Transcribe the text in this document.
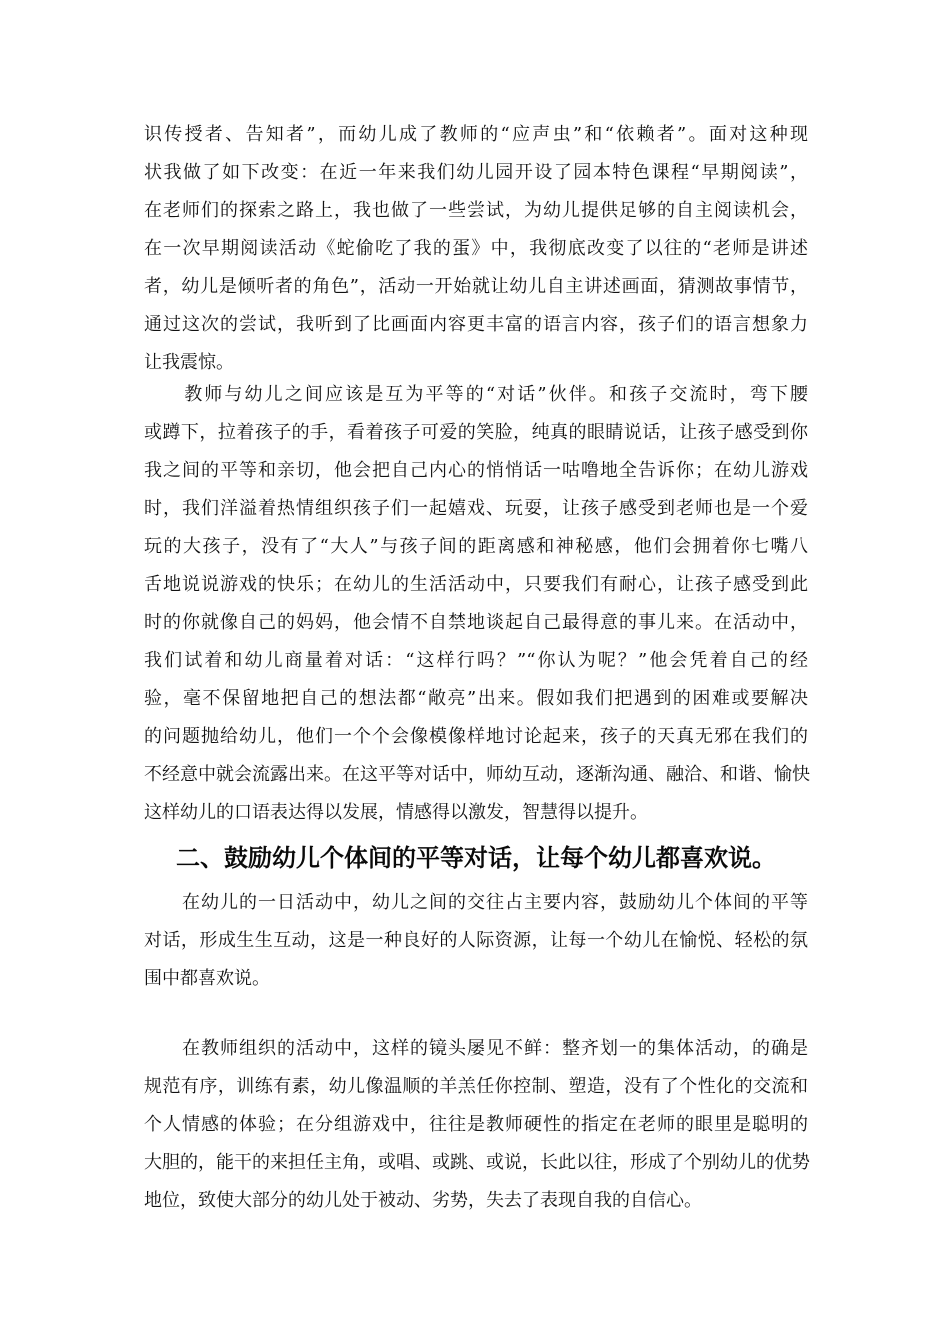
识传授者、告知者”，而幼儿成了教师的“应声虫”和“依赖者”。面对这种现
状我做了如下改变：在近一年来我们幼儿园开设了园本特色课程“早期阅读”，
在老师们的探索之路上，我也做了一些尝试，为幼儿提供足够的自主阅读机会，
在一次早期阅读活动《蛇偷吃了我的蛋》中，我彻底改变了以往的“老师是讲述
者，幼儿是倾听者的角色”，活动一开始就让幼儿自主讲述画面，猜测故事情节，
通过这次的尝试，我听到了比画面内容更丰富的语言内容，孩子们的语言想象力
让我震惊。
　　教师与幼儿之间应该是互为平等的“对话”伙伴。和孩子交流时，弯下腰
或蹲下，拉着孩子的手，看着孩子可爱的笑脸，纯真的眼睛说话，让孩子感受到你
我之间的平等和亲切，他会把自己内心的悄悄话一咕噜地全告诉你；在幼儿游戏
时，我们洋溢着热情组织孩子们一起嬉戏、玩耍，让孩子感受到老师也是一个爱
玩的大孩子，没有了“大人”与孩子间的距离感和神秘感，他们会拥着你七嘴八
舌地说说游戏的快乐；在幼儿的生活活动中，只要我们有耐心，让孩子感受到此
时的你就像自己的妈妈，他会情不自禁地谈起自己最得意的事儿来。在活动中，
我们试着和幼儿商量着对话：“这样行吗？”“你认为呢？”他会凭着自己的经
验，毫不保留地把自己的想法都“敞亮”出来。假如我们把遇到的困难或要解决
的问题抛给幼儿，他们一个个会像模像样地讨论起来，孩子的天真无邪在我们的
不经意中就会流露出来。在这平等对话中，师幼互动，逐渐沟通、融洽、和谐、愉快
这样幼儿的口语表达得以发展，情感得以激发，智慧得以提升。
二、鼓励幼儿个体间的平等对话，让每个幼儿都喜欢说。
　　在幼儿的一日活动中，幼儿之间的交往占主要内容，鼓励幼儿个体间的平等
对话，形成生生互动，这是一种良好的人际资源，让每一个幼儿在愉悦、轻松的氛
围中都喜欢说。
　　在教师组织的活动中，这样的镜头屡见不鲜：整齐划一的集体活动，的确是
规范有序，训练有素，幼儿像温顺的羊羔任你控制、塑造，没有了个性化的交流和
个人情感的体验；在分组游戏中，往往是教师硬性的指定在老师的眼里是聪明的
大胆的，能干的来担任主角，或唱、或跳、或说，长此以往，形成了个别幼儿的优势
地位，致使大部分的幼儿处于被动、劣势，失去了表现自我的自信心。
